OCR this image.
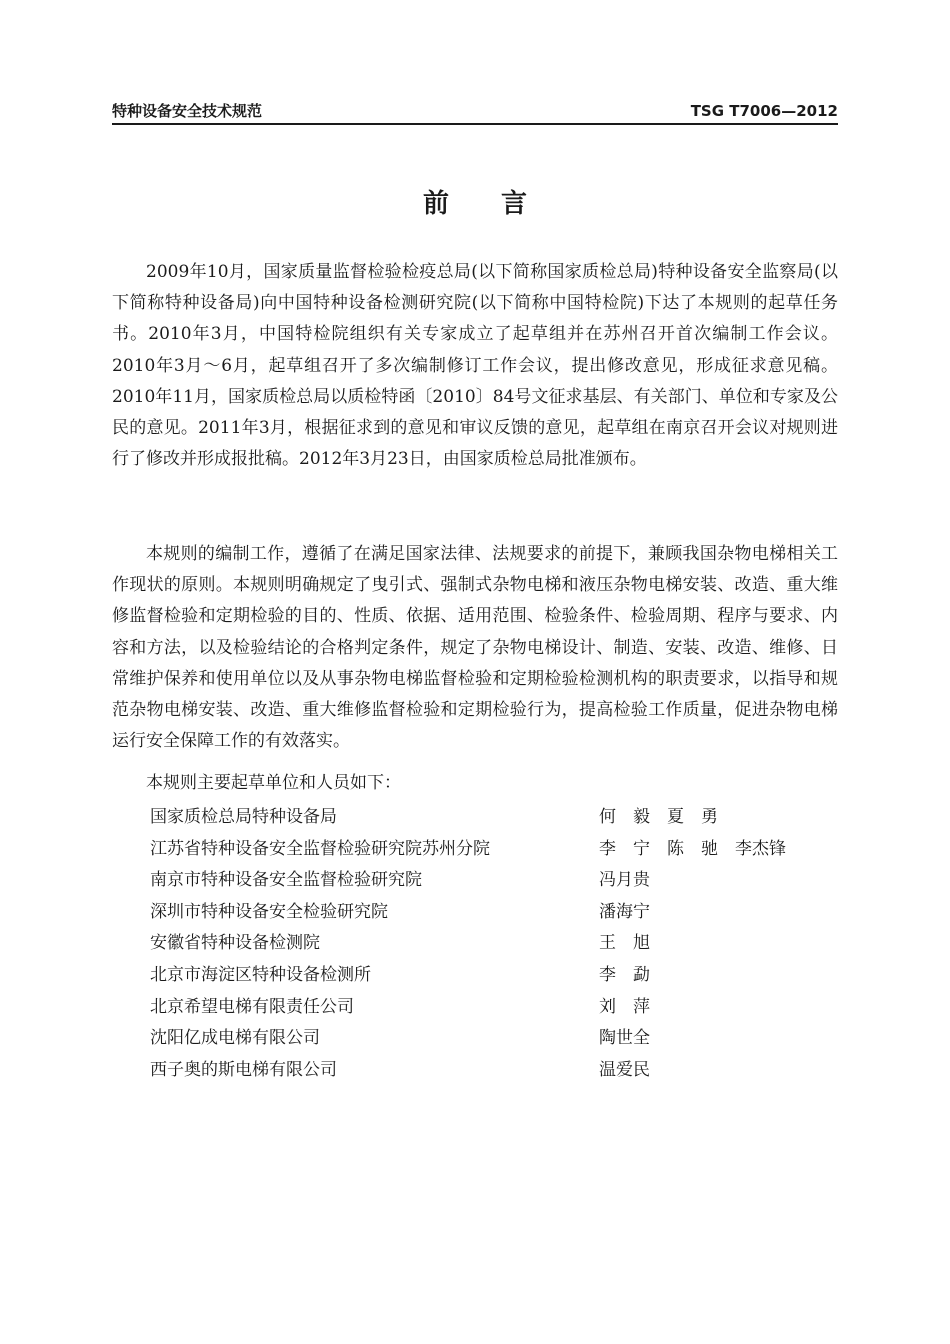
特种设备安全技术规范	TSG T7006—2012
前言

2009年10月，国家质量监督检验检疫总局(以下简称国家质检总局)特种设备安全监察局(以下简称特种设备局)向中国特种设备检测研究院(以下简称中国特检院)下达了本规则的起草任务书。2010年3月，中国特检院组织有关专家成立了起草组并在苏州召开首次编制工作会议。2010年3月～6月，起草组召开了多次编制修订工作会议，提出修改意见，形成征求意见稿。2010年11月，国家质检总局以质检特函〔2010〕84号文征求基层、有关部门、单位和专家及公民的意见。2011年3月，根据征求到的意见和审议反馈的意见，起草组在南京召开会议对规则进行了修改并形成报批稿。2012年3月23日，由国家质检总局批准颁布。

本规则的编制工作，遵循了在满足国家法律、法规要求的前提下，兼顾我国杂物电梯相关工作现状的原则。本规则明确规定了曳引式、强制式杂物电梯和液压杂物电梯安装、改造、重大维修监督检验和定期检验的目的、性质、依据、适用范围、检验条件、检验周期、程序与要求、内容和方法，以及检验结论的合格判定条件，规定了杂物电梯设计、制造、安装、改造、维修、日常维护保养和使用单位以及从事杂物电梯监督检验和定期检验检测机构的职责要求，以指导和规范杂物电梯安装、改造、重大维修监督检验和定期检验行为，提高检验工作质量，促进杂物电梯运行安全保障工作的有效落实。

本规则主要起草单位和人员如下：

国家质检总局特种设备局	何　毅　夏　勇
江苏省特种设备安全监督检验研究院苏州分院	李　宁　陈　驰　李杰锋
南京市特种设备安全监督检验研究院	冯月贵
深圳市特种设备安全检验研究院	潘海宁
安徽省特种设备检测院	王　旭
北京市海淀区特种设备检测所	李　勐
北京希望电梯有限责任公司	刘　萍
沈阳亿成电梯有限公司	陶世全
西子奥的斯电梯有限公司	温爱民
